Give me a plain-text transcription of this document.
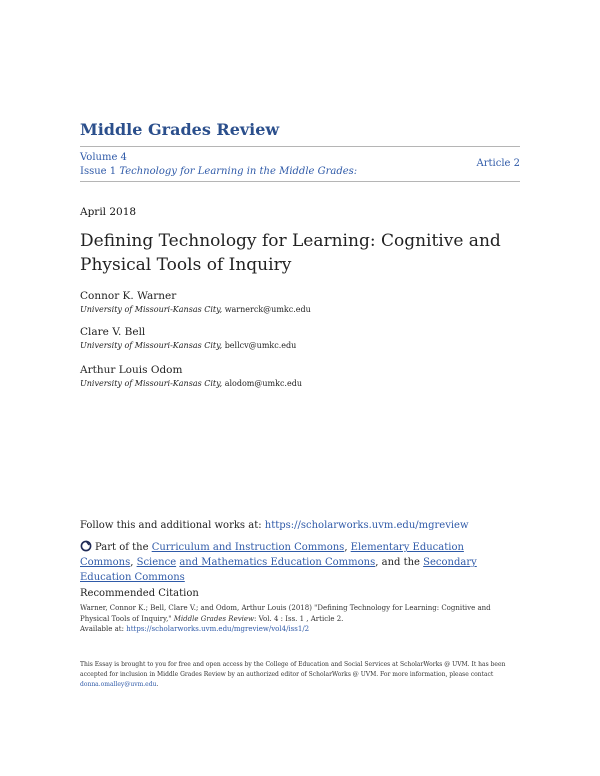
Middle Grades Review
Volume 4
Issue 1 Technology for Learning in the Middle Grades:
Article 2
April 2018
Defining Technology for Learning: Cognitive and Physical Tools of Inquiry
Connor K. Warner
University of Missouri-Kansas City, warnerck@umkc.edu
Clare V. Bell
University of Missouri-Kansas City, bellcv@umkc.edu
Arthur Louis Odom
University of Missouri-Kansas City, alodom@umkc.edu
Follow this and additional works at: https://scholarworks.uvm.edu/mgreview
Part of the Curriculum and Instruction Commons, Elementary Education Commons, Science and Mathematics Education Commons, and the Secondary Education Commons
Recommended Citation
Warner, Connor K.; Bell, Clare V.; and Odom, Arthur Louis (2018) "Defining Technology for Learning: Cognitive and Physical Tools of Inquiry," Middle Grades Review: Vol. 4 : Iss. 1 , Article 2.
Available at: https://scholarworks.uvm.edu/mgreview/vol4/iss1/2
This Essay is brought to you for free and open access by the College of Education and Social Services at ScholarWorks @ UVM. It has been accepted for inclusion in Middle Grades Review by an authorized editor of ScholarWorks @ UVM. For more information, please contact donna.omalley@uvm.edu.
